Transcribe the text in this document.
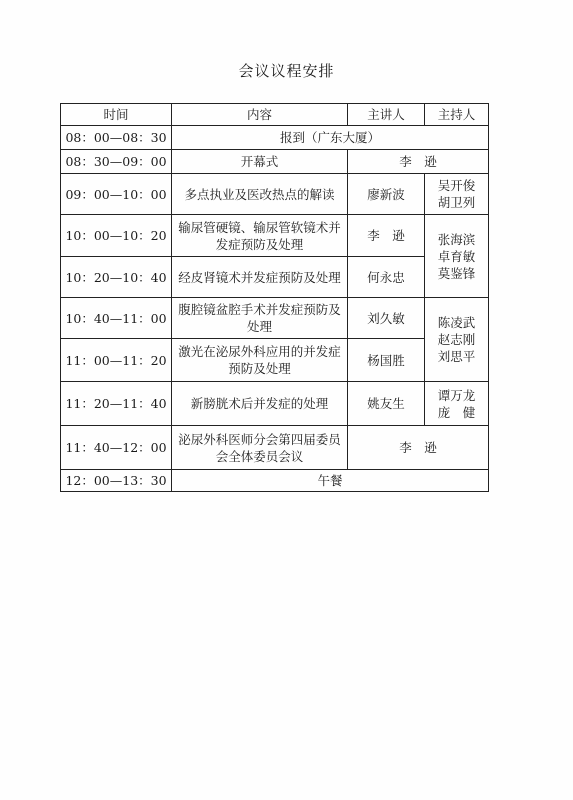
会议议程安排
时间	内容	主讲人	主持人
08：00—08：30	报到（广东大厦）		
08：30—09：00	开幕式	李　逊	
09：00—10：00	多点执业及医改热点的解读	廖新波	吴开俊
胡卫列

10：00—10：20	输尿管硬镜、输尿管软镜术并发症预防及处理	李　逊	张海滨
卓育敏
莫鉴锋

10：20—10：40	经皮肾镜术并发症预防及处理	何永忠	
10：40—11：00	腹腔镜盆腔手术并发症预防及处理	刘久敏	陈凌武
赵志刚
刘思平

11：00—11：20	激光在泌尿外科应用的并发症预防及处理	杨国胜	
11：20—11：40	新膀胱术后并发症的处理	姚友生	谭万龙
庞　健

11：40—12：00	泌尿外科医师分会第四届委员会全体委员会议	李　逊	
12：00—13：30	午餐		
